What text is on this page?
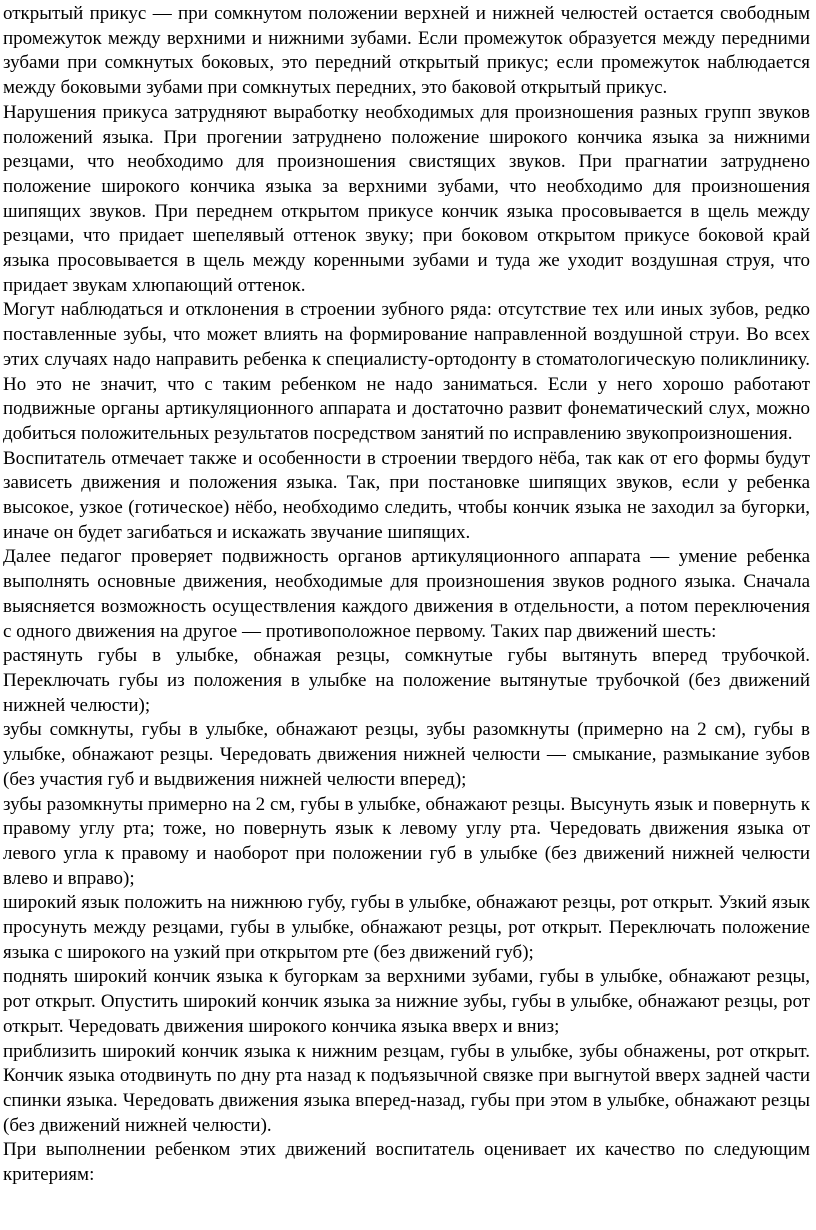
открытый прикус — при сомкнутом положении верхней и нижней челюстей остается свободным промежуток между верхними и нижними зубами. Если промежуток образуется между передними зубами при сомкнутых боковых, это передний открытый прикус; если промежуток наблюдается между боковыми зубами при сомкнутых передних, это баковой открытый прикус.

Нарушения прикуса затрудняют выработку необходимых для произношения разных групп звуков положений языка. При прогении затруднено положение широкого кончика языка за нижними резцами, что необходимо для произношения свистящих звуков. При прагнатии затруднено положение широкого кончика языка за верхними зубами, что необходимо для произношения шипящих звуков. При переднем открытом прикусе кончик языка просовывается в щель между резцами, что придает шепелявый оттенок звуку; при боковом открытом прикусе боковой край языка просовывается в щель между коренными зубами и туда же уходит воздушная струя, что придает звукам хлюпающий оттенок.

Могут наблюдаться и отклонения в строении зубного ряда: отсутствие тех или иных зубов, редко поставленные зубы, что может влиять на формирование направленной воздушной струи. Во всех этих случаях надо направить ребенка к специалисту-ортодонту в стоматологическую поликлинику. Но это не значит, что с таким ребенком не надо заниматься. Если у него хорошо работают подвижные органы артикуляционного аппарата и достаточно развит фонематический слух, можно добиться положительных результатов посредством занятий по исправлению звукопроизношения.

Воспитатель отмечает также и особенности в строении твердого нёба, так как от его формы будут зависеть движения и положения языка. Так, при постановке шипящих звуков, если у ребенка высокое, узкое (готическое) нёбо, необходимо следить, чтобы кончик языка не заходил за бугорки, иначе он будет загибаться и искажать звучание шипящих.

Далее педагог проверяет подвижность органов артикуляционного аппарата — умение ребенка выполнять основные движения, необходимые для произношения звуков родного языка. Сначала выясняется возможность осуществления каждого движения в отдельности, а потом переключения с одного движения на другое — противоположное первому. Таких пар движений шесть:

растянуть губы в улыбке, обнажая резцы, сомкнутые губы вытянуть вперед трубочкой. Переключать губы из положения в улыбке на положение вытянутые трубочкой (без движений нижней челюсти);

зубы сомкнуты, губы в улыбке, обнажают резцы, зубы разомкнуты (примерно на 2 см), губы в улыбке, обнажают резцы. Чередовать движения нижней челюсти — смыкание, размыкание зубов (без участия губ и выдвижения нижней челюсти вперед);

зубы разомкнуты примерно на 2 см, губы в улыбке, обнажают резцы. Высунуть язык и повернуть к правому углу рта; тоже, но повернуть язык к левому углу рта. Чередовать движения языка от левого угла к правому и наоборот при положении губ в улыбке (без движений нижней челюсти влево и вправо);

широкий язык положить на нижнюю губу, губы в улыбке, обнажают резцы, рот открыт. Узкий язык просунуть между резцами, губы в улыбке, обнажают резцы, рот открыт. Переключать положение языка с широкого на узкий при открытом рте (без движений губ);

поднять широкий кончик языка к бугоркам за верхними зубами, губы в улыбке, обнажают резцы, рот открыт. Опустить широкий кончик языка за нижние зубы, губы в улыбке, обнажают резцы, рот открыт. Чередовать движения широкого кончика языка вверх и вниз;

приблизить широкий кончик языка к нижним резцам, губы в улыбке, зубы обнажены, рот открыт. Кончик языка отодвинуть по дну рта назад к подъязычной связке при выгнутой вверх задней части спинки языка. Чередовать движения языка вперед-назад, губы при этом в улыбке, обнажают резцы (без движений нижней челюсти).

При выполнении ребенком этих движений воспитатель оценивает их качество по следующим критериям:
